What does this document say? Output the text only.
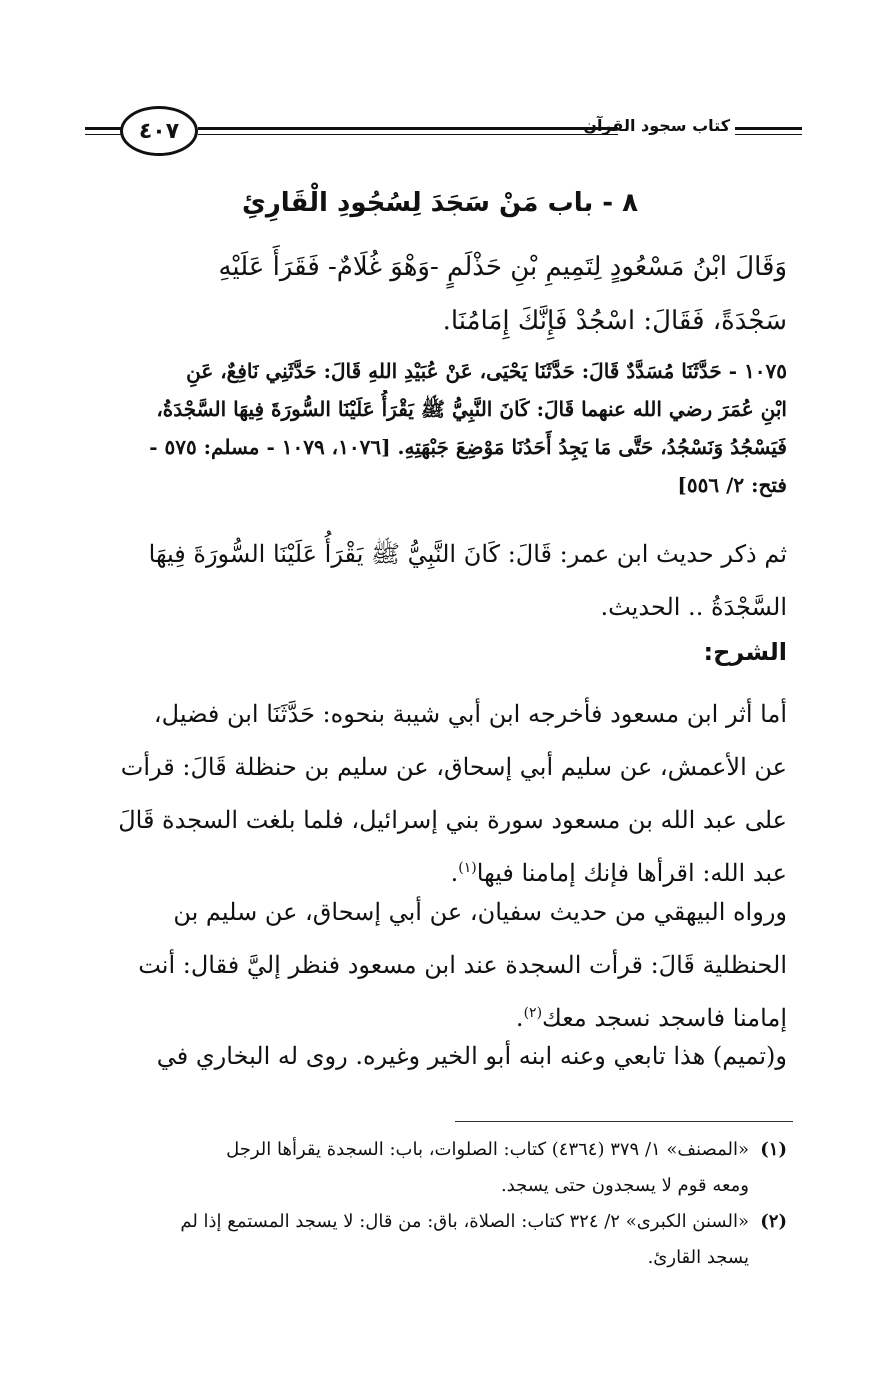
كتاب سجود القرآن
٤٠٧
٨ - باب مَنْ سَجَدَ لِسُجُودِ الْقَارِئِ
وَقَالَ ابْنُ مَسْعُودٍ لِتَمِيمِ بْنِ حَذْلَمٍ -وَهْوَ غُلَامٌ- فَقَرَأَ عَلَيْهِ
سَجْدَةً، فَقَالَ: اسْجُدْ فَإِنَّكَ إِمَامُنَا.
١٠٧٥ - حَدَّثَنَا مُسَدَّدٌ قَالَ: حَدَّثَنَا يَحْيَى، عَنْ عُبَيْدِ اللهِ قَالَ: حَدَّثَنِي نَافِعٌ، عَنِ
ابْنِ عُمَرَ رضي الله عنهما قَالَ: كَانَ النَّبِيُّ ﷺ يَقْرَأُ عَلَيْنَا السُّورَةَ فِيهَا السَّجْدَةُ،
فَيَسْجُدُ وَنَسْجُدُ، حَتَّى مَا يَجِدُ أَحَدُنَا مَوْضِعَ جَبْهَتِهِ. [١٠٧٦، ١٠٧٩ - مسلم: ٥٧٥ -
فتح: ٢/ ٥٥٦]
ثم ذكر حديث ابن عمر: قَالَ: كَانَ النَّبِيُّ ﷺ يَقْرَأُ عَلَيْنَا السُّورَةَ فِيهَا
السَّجْدَةُ .. الحديث.
الشرح:
أما أثر ابن مسعود فأخرجه ابن أبي شيبة بنحوه: حَدَّثَنَا ابن فضيل،
عن الأعمش، عن سليم أبي إسحاق، عن سليم بن حنظلة قَالَ: قرأت
على عبد الله بن مسعود سورة بني إسرائيل، فلما بلغت السجدة قَالَ
عبد الله: اقرأها فإنك إمامنا فيها$^{(١)}$.
ورواه البيهقي من حديث سفيان، عن أبي إسحاق، عن سليم بن
الحنظلية قَالَ: قرأت السجدة عند ابن مسعود فنظر إليَّ فقال: أنت
إمامنا فاسجد نسجد معك$^{(٢)}$.
و(تميم) هذا تابعي وعنه ابنه أبو الخير وغيره. روى له البخاري في
(١)
«المصنف» ١/ ٣٧٩ (٤٣٦٤) كتاب: الصلوات، باب: السجدة يقرأها الرجل
ومعه قوم لا يسجدون حتى يسجد.
(٢)
«السنن الكبرى» ٢/ ٣٢٤ كتاب: الصلاة، باق: من قال: لا يسجد المستمع إذا لم
يسجد القارئ.
